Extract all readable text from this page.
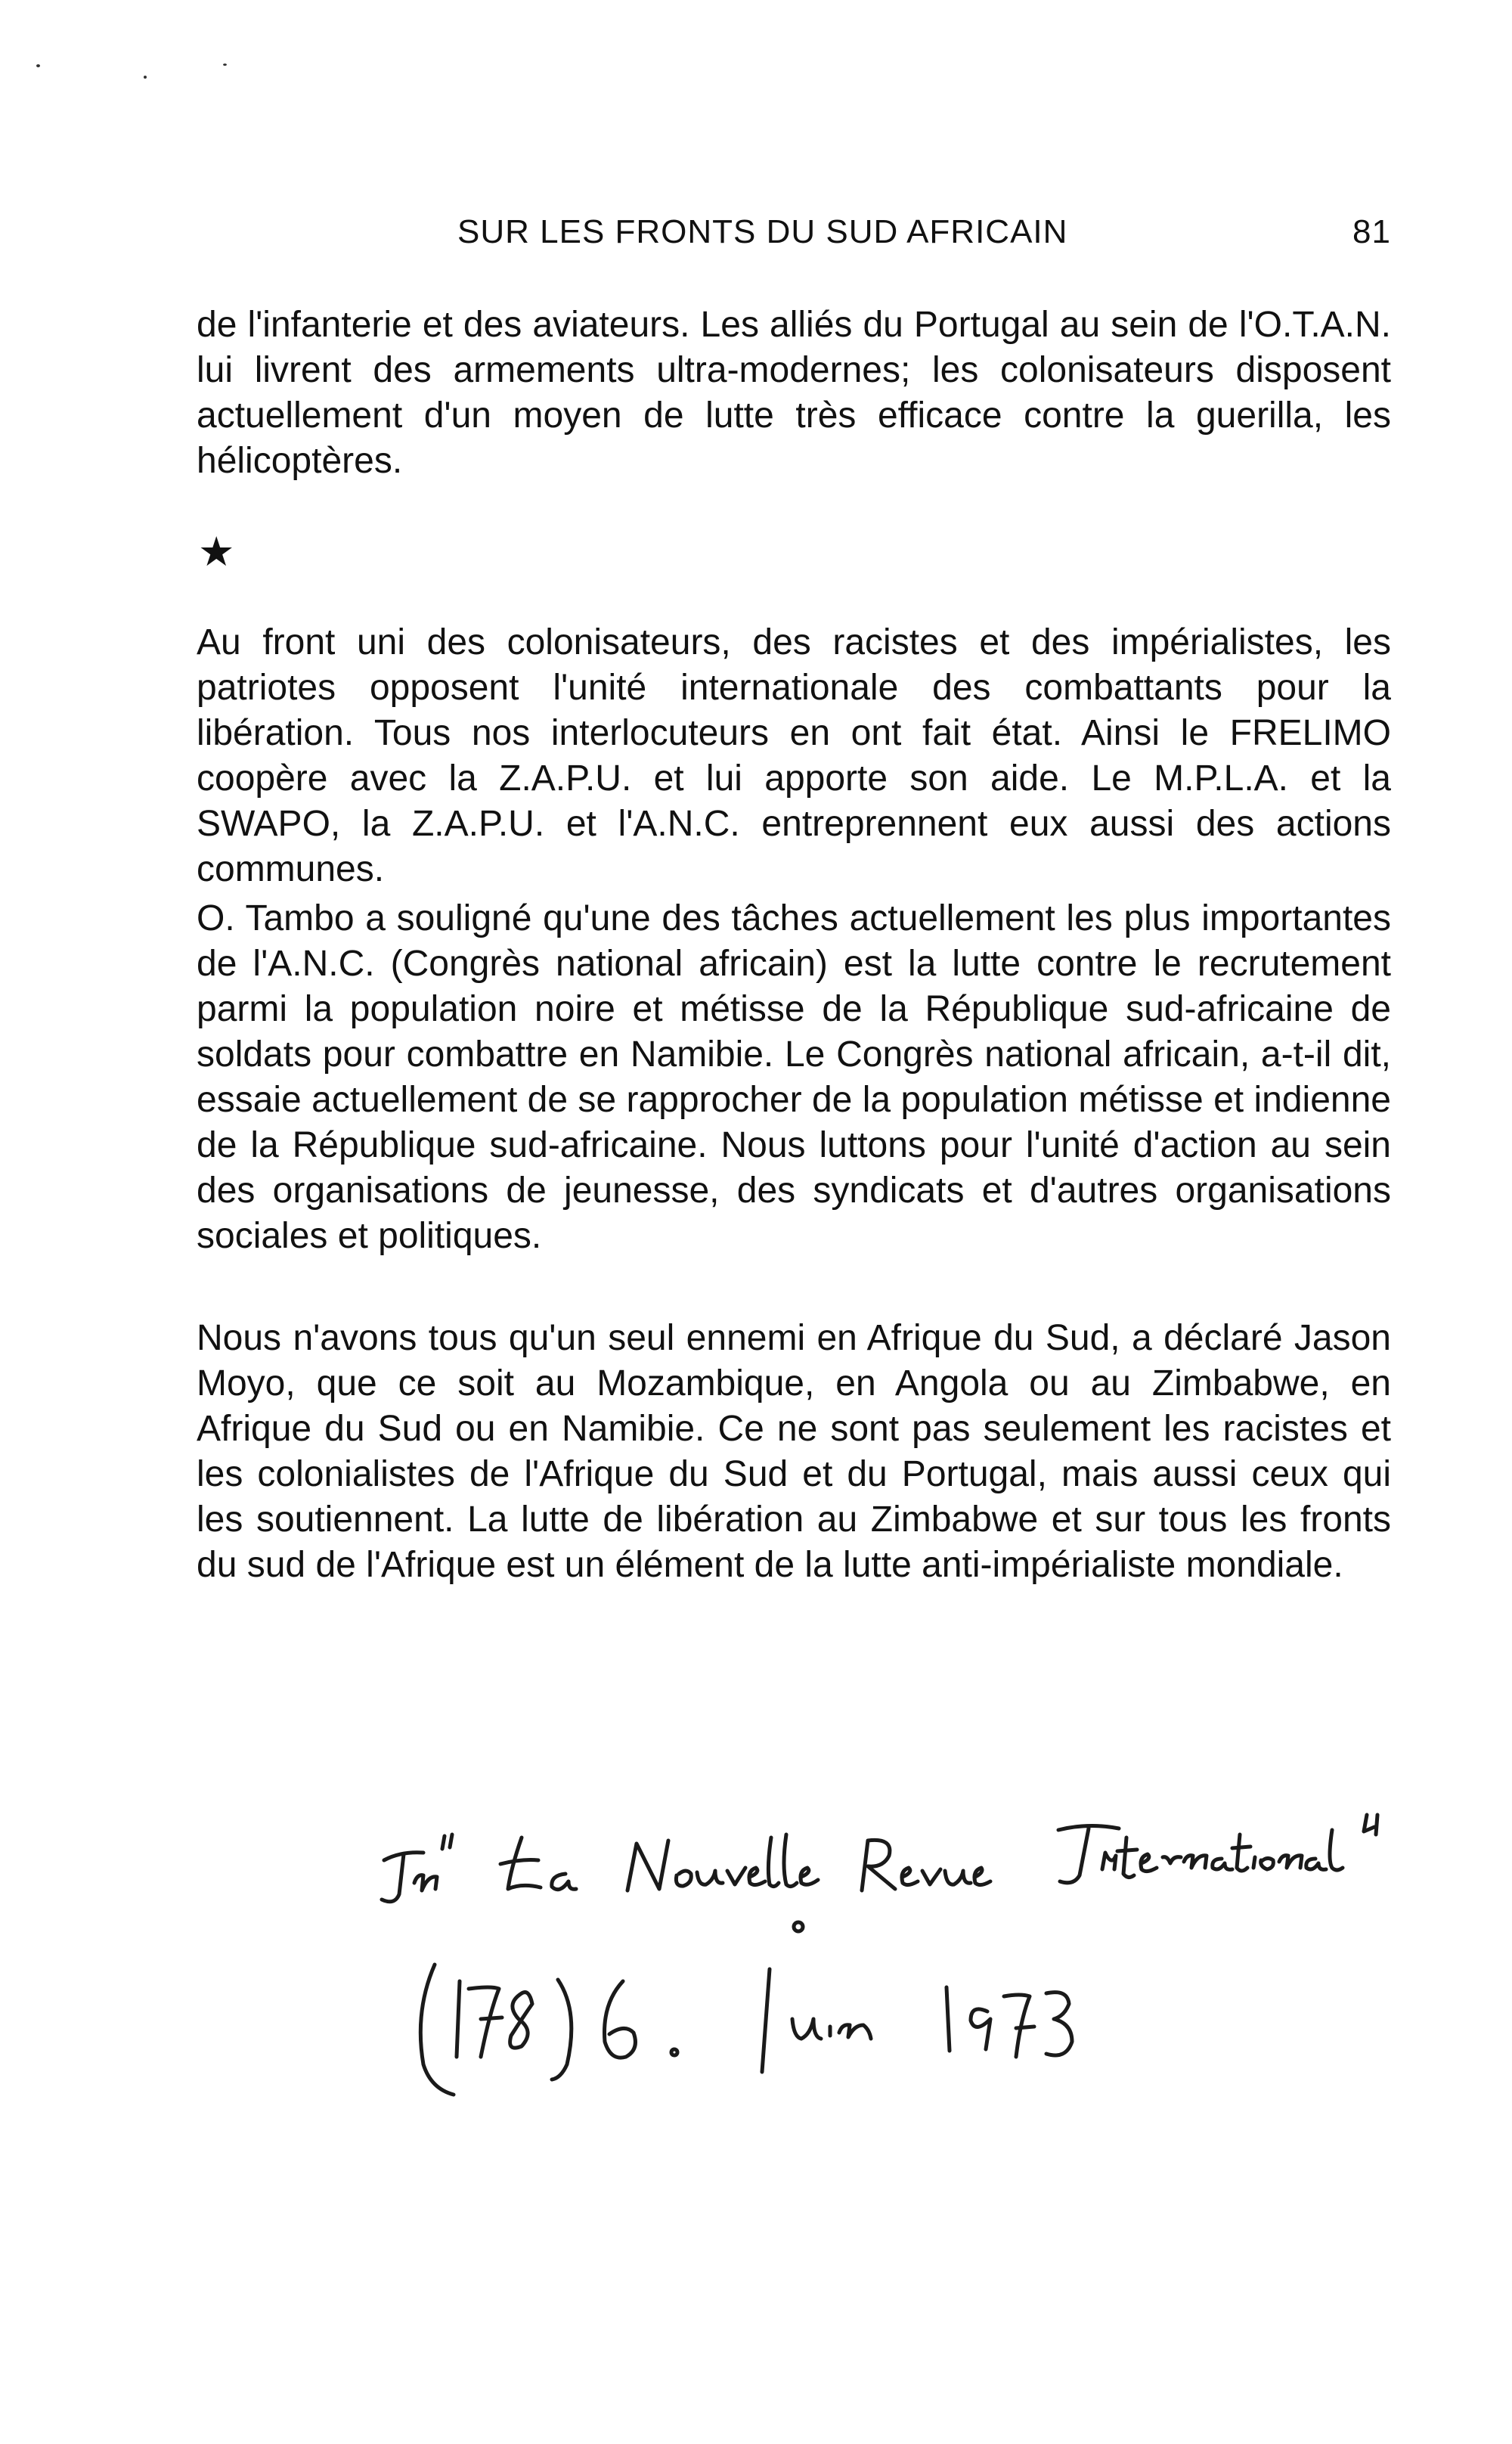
SUR LES FRONTS DU SUD AFRICAIN	81

de l'infanterie et des aviateurs. Les alliés du Portugal au sein de l'O.T.A.N. lui livrent des armements ultra-modernes; les colonisateurs disposent actuellement d'un moyen de lutte très efficace contre la guerilla, les hélicoptères.

★

Au front uni des colonisateurs, des racistes et des impérialistes, les patriotes opposent l'unité internationale des combattants pour la libération. Tous nos interlocuteurs en ont fait état. Ainsi le FRELIMO coopère avec la Z.A.P.U. et lui apporte son aide. Le M.P.L.A. et la SWAPO, la Z.A.P.U. et l'A.N.C. entreprennent eux aussi des actions communes.

O. Tambo a souligné qu'une des tâches actuellement les plus importantes de l'A.N.C. (Congrès national africain) est la lutte contre le recrutement parmi la population noire et métisse de la République sud-africaine de soldats pour combattre en Namibie. Le Congrès national africain, a-t-il dit, essaie actuellement de se rapprocher de la population métisse et indienne de la République sud-africaine. Nous luttons pour l'unité d'action au sein des organisations de jeunesse, des syndicats et d'autres organisations sociales et politiques.

Nous n'avons tous qu'un seul ennemi en Afrique du Sud, a déclaré Jason Moyo, que ce soit au Mozambique, en Angola ou au Zimbabwe, en Afrique du Sud ou en Namibie. Ce ne sont pas seulement les racistes et les colonialistes de l'Afrique du Sud et du Portugal, mais aussi ceux qui les soutiennent. La lutte de libération au Zimbabwe et sur tous les fronts du sud de l'Afrique est un élément de la lutte anti-impérialiste mondiale.
